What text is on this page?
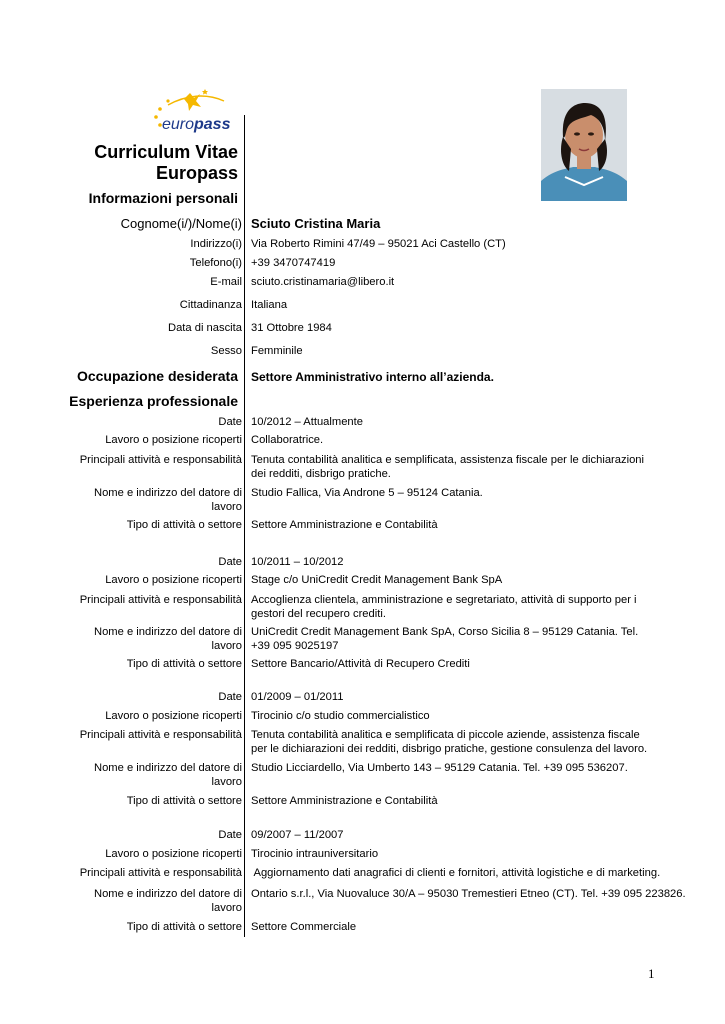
euro pass
Curriculum Vitae
Europass
Informazioni personali
Cognome(i/)/Nome(i) Sciuto Cristina Maria
Indirizzo(i) Via Roberto Rimini 47/49 – 95021 Aci Castello (CT)
Telefono(i) +39 3470747419
E-mail sciuto.cristinamaria@libero.it
Cittadinanza Italiana
Data di nascita 31 Ottobre 1984
Sesso Femminile
Occupazione desiderata Settore Amministrativo interno all’azienda.
Esperienza professionale
Date 10/2012 – Attualmente
Lavoro o posizione ricoperti Collaboratrice.
Principali attività e responsabilità Tenuta contabilità analitica e semplificata, assistenza fiscale per le dichiarazioni dei redditi, disbrigo pratiche.
Nome e indirizzo del datore di lavoro
Studio Fallica, Via Androne 5 – 95124 Catania.
Tipo di attività o settore Settore Amministrazione e Contabilità
Date 10/2011 – 10/2012
Lavoro o posizione ricoperti Stage c/o UniCredit Credit Management Bank SpA
Principali attività e responsabilità Accoglienza clientela, amministrazione e segretariato, attività di supporto per i gestori del recupero crediti.
Nome e indirizzo del datore di lavoro
UniCredit Credit Management Bank SpA, Corso Sicilia 8 – 95129 Catania. Tel. +39 095 9025197
Tipo di attività o settore Settore Bancario/Attività di Recupero Crediti
Date 01/2009 – 01/2011
Lavoro o posizione ricoperti Tirocinio c/o studio commercialistico
Principali attività e responsabilità Tenuta contabilità analitica e semplificata di piccole aziende, assistenza fiscale per le dichiarazioni dei redditi, disbrigo pratiche, gestione consulenza del lavoro.
Nome e indirizzo del datore di lavoro
Studio Licciardello, Via Umberto 143 – 95129 Catania. Tel. +39 095 536207.
Tipo di attività o settore Settore Amministrazione e Contabilità
Date 09/2007 – 11/2007
Lavoro o posizione ricoperti Tirocinio intrauniversitario
Principali attività e responsabilità Aggiornamento dati anagrafici di clienti e fornitori, attività logistiche e di marketing.
Nome e indirizzo del datore di lavoro
Ontario s.r.l., Via Nuovaluce 30/A – 95030 Tremestieri Etneo (CT). Tel. +39 095 223826.
Tipo di attività o settore Settore Commerciale
1
